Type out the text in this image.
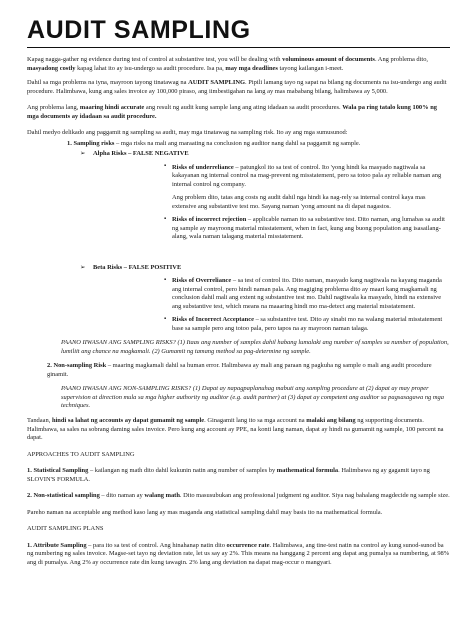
AUDIT SAMPLING

Kapag nagga-gather ng evidence during test of control at substantive test, you will be dealing with voluminous amount of documents. Ang problema dito, masyadong costly kapag lahat ito ay isu-undergo sa audit procedure. Isa pa, may mga deadlines tayong kailangan i-meet.

Dahil sa mga problems na iyna, mayroon tayong tinatawag na AUDIT SAMPLING. Pipili lamang tayo ng sapat na bilang ng documents na isu-undergo ang audit procedure. Halimbawa, kung ang sales invoice ay 100,000 piraso, ang iimbestigahan na lang ay mas mababang bilang, halimbawa ay 5,000.

Ang problema lang, maaring hindi accurate ang result ng audit kung sample lang ang ating idadaan sa audit procedures. Wala pa ring tatalo kung 100% ng mga documents ay idadaan sa audit procedure.

Dahil medyo delikado ang paggamit ng sampling sa audit, may mga tinatawag na sampling risk. Ito ay ang mga sumusunod:

1. Sampling risks – mga risks na mali ang maraating na conclusion ng auditor nang dahil sa paggamit ng sample.

➢ Alpha Risks – FALSE NEGATIVE
▪ Risks of underreliance – patungkol ito sa test of control. Ito 'yong hindi ka masyado nagtiwala sa kakayanan ng internal control na mag-prevent ng misstatement, pero sa totoo pala ay reliable naman ang internal control ng company.
Ang problem dito, tatas ang costs ng audit dahil nga hindi ka nag-rely sa internal control kaya mas extensive ang substantive test mo. Sayang naman 'yong amount na di dapat nagastos.
▪ Risks of incorrect rejection – applicable naman ito sa substantive test. Dito naman, ang lumabas sa audit ng sample ay mayroong material misstatement, when in fact, kung ang buong population ang isasailang-alang, wala naman talagang material misstatement.
➢ Beta Risks – FALSE POSITIVE
▪ Risks of Overreliance – sa test of control ito. Dito naman, masyado kang nagtiwala na kayang maganda ang internal control, pero hindi naman pala. Ang magiging problema dito ay maari kang magkamali ng conclusion dahil mali ang extent ng substantive test mo. Dahil nagtiwala ka masyado, hindi na extensive ang substantive test, which means na maaaring hindi mo ma-detect ang material misstatement.
▪ Risks of Incorrect Acceptance – sa substantive test. Dito ay sinabi mo na walang material misstatement base sa sample pero ang totoo pala, pero tapos na ay mayroon naman talaga.

PAANO IIWASAN ANG SAMPLING RISKS? (1) Itaas ang number of samples dahil habang lumalaki ang number of samples sa number of population, lumiliit ang chance na magkamali. (2) Gumamit ng tamang method sa pag-determine ng sample.

2. Non-sampling Risk – maaring magkamali dahil sa human error. Halimbawa ay mali ang paraan ng pagkuha ng sample o mali ang audit procedure ginamit.

PAANO IIWASAN ANG NON-SAMPLING RISKS? (1) Dapat ay napagpaplanuhag mabuti ang sampling procedure at (2) dapat ay may proper supervision at direction mula sa mga higher authority ng auditor (e.g. audit partner) at (3) dapat ay competent ang auditor sa pagsasagawa ng mga techniques.

Tandaan, hindi sa lahat ng accounts ay dapat gumamit ng sample. Ginagamit lang ito sa mga account na malaki ang bilang ng supporting documents. Halimbawa, sa sales na sobrang daming sales invoice. Pero kung ang account ay PPE, na konti lang naman, dapat ay hindi na gumamit ng sample, 100 percent na dapat.

APPROACHES TO AUDIT SAMPLING

1. Statistical Sampling – kailangan ng math dito dahil kukunin natin ang number of samples by mathematical formula. Halimbawa ng ay gagamit tayo ng SLOVIN'S FORMULA.

2. Non-statistical sampling – dito naman ay walang math. Dito masusubukan ang professional judgment ng auditor. Siya nag bahalang magdecide ng sample size.

Pareho naman na acceptable ang method kaso lang ay mas maganda ang statistical sampling dahil may basis ito na mathematical formula.

AUDIT SAMPLING PLANS

1. Attribute Sampling – para ito sa test of control. Ang hinahanap natin dito occurrence rate. Halimbawa, ang tine-test natin na control ay kung sunod-sunod ba ng numbering ng sales invoice. Magse-set tayo ng deviation rate, let us say ay 2%. This means na hanggang 2 percent ang dapat ang pumalya sa numbering, at 98% ang di pumalya. Ang 2% ay occurrence rate din kung tawagin. 2% lang ang deviation na dapat mag-occur o mangyari.
